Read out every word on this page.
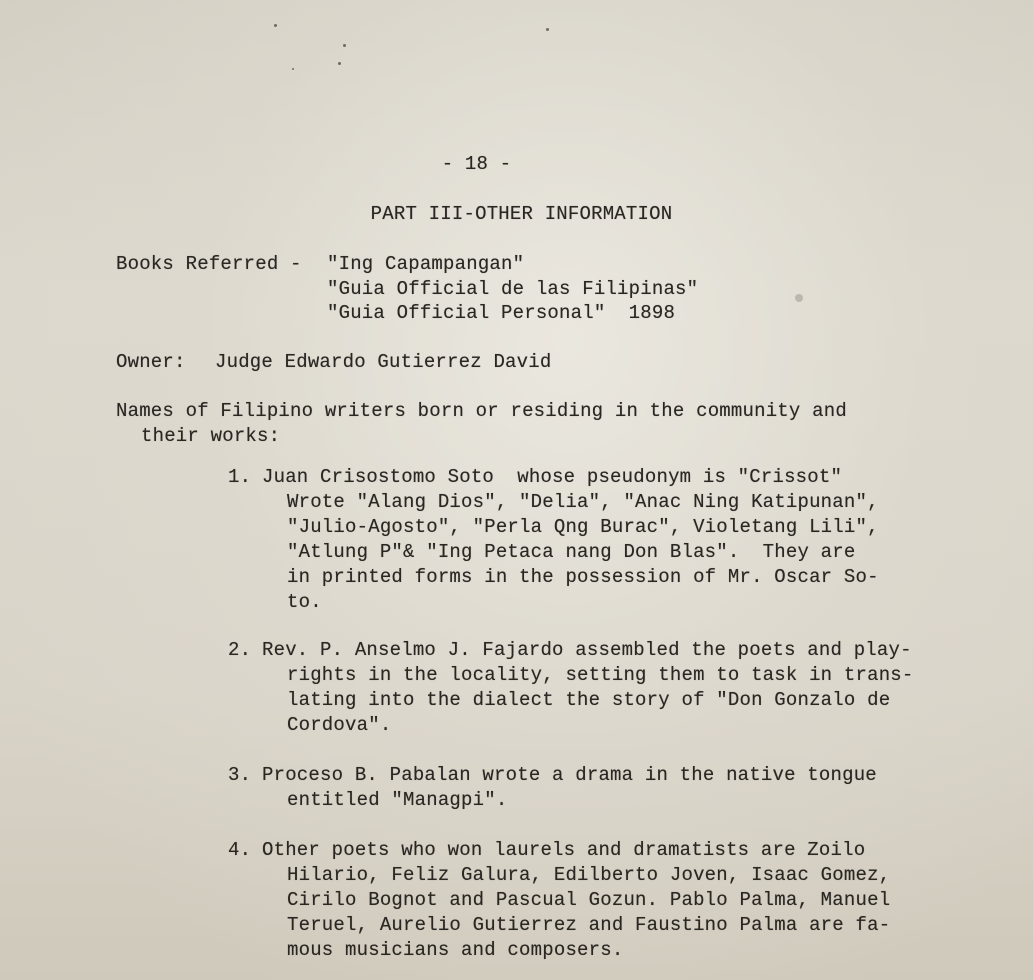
- 18 -
PART III-OTHER INFORMATION
Books Referred - "Ing Capampangan"
"Guia Official de las Filipinas"
"Guia Official Personal"  1898
Owner: Judge Edwardo Gutierrez David
Names of Filipino writers born or residing in the community and
their works:
1. Juan Crisostomo Soto  whose pseudonym is "Crissot"
Wrote "Alang Dios", "Delia", "Anac Ning Katipunan",
"Julio-Agosto", "Perla Qng Burac", Violetang Lili",
"Atlung P"& "Ing Petaca nang Don Blas".  They are
in printed forms in the possession of Mr. Oscar So-
to.
2. Rev. P. Anselmo J. Fajardo assembled the poets and play-
rights in the locality, setting them to task in trans-
lating into the dialect the story of "Don Gonzalo de
Cordova".
3. Proceso B. Pabalan wrote a drama in the native tongue
entitled "Managpi".
4. Other poets who won laurels and dramatists are Zoilo
Hilario, Feliz Galura, Edilberto Joven, Isaac Gomez,
Cirilo Bognot and Pascual Gozun. Pablo Palma, Manuel
Teruel, Aurelio Gutierrez and Faustino Palma are fa-
mous musicians and composers.
